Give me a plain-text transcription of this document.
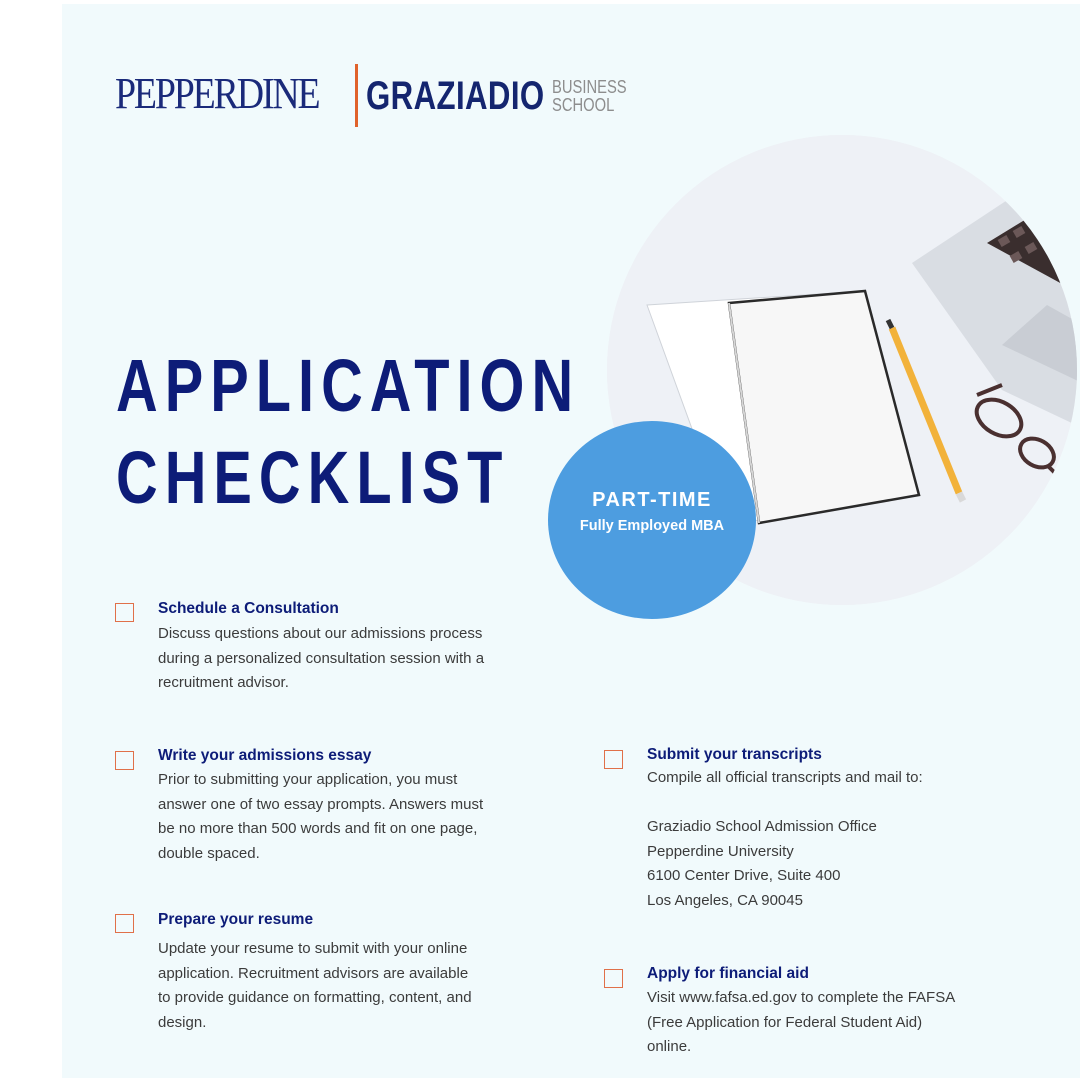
PEPPERDINE GRAZIADIO BUSINESS
SCHOOL
APPLICATION
CHECKLIST	PART-TIME
Fully Employed MBA
Schedule a Consultation

Discuss questions about our admissions process

during a personalized consultation session with a

recruitment advisor.

Write your admissions essay

Prior to submitting your application, you must

answer one of two essay prompts. Answers must

be no more than 500 words and fit on one page,

double spaced.

Prepare your resume

Update your resume to submit with your online

application. Recruitment advisors are available

to provide guidance on formatting, content, and

design.

Submit your transcripts

Compile all official transcripts and mail to:

Graziadio School Admission Office

Pepperdine University

6100 Center Drive, Suite 400

Los Angeles, CA 90045

Apply for financial aid

Visit www.fafsa.ed.gov to complete the FAFSA

(Free Application for Federal Student Aid)

online.
